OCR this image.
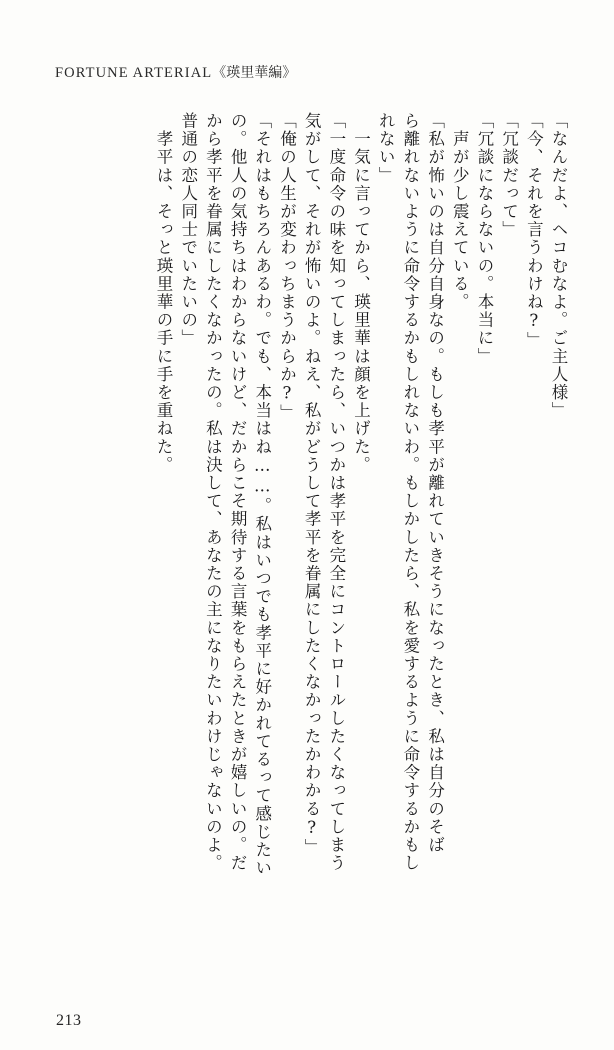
FORTUNE ARTERIAL《瑛里華編》
「なんだよ、ヘコむなよ。ご主人様」
「今、それを言うわけね?」
「冗談だって」
「冗談にならないの。本当に」
　声が少し震えている。
「私が怖いのは自分自身なの。もしも孝平が離れていきそうになったとき、私は自分のそば
ら離れないように命令するかもしれないわ。もしかしたら、私を愛するように命令するかもし
れない」
　一気に言ってから、瑛里華は顔を上げた。
「一度命令の味を知ってしまったら、いつかは孝平を完全にコントロールしたくなってしまう
気がして、それが怖いのよ。ねえ、私がどうして孝平を眷属にしたくなかったかわかる?」
「俺の人生が変わっちまうからか?」
「それはもちろんあるわ。でも、本当はね……。私はいつでも孝平に好かれてるって感じたい
の。他人の気持ちはわからないけど、だからこそ期待する言葉をもらえたときが嬉しいの。だ
から孝平を眷属にしたくなかったの。私は決して、あなたの主になりたいわけじゃないのよ。
普通の恋人同士でいたいの」
　孝平は、そっと瑛里華の手に手を重ねた。
213
